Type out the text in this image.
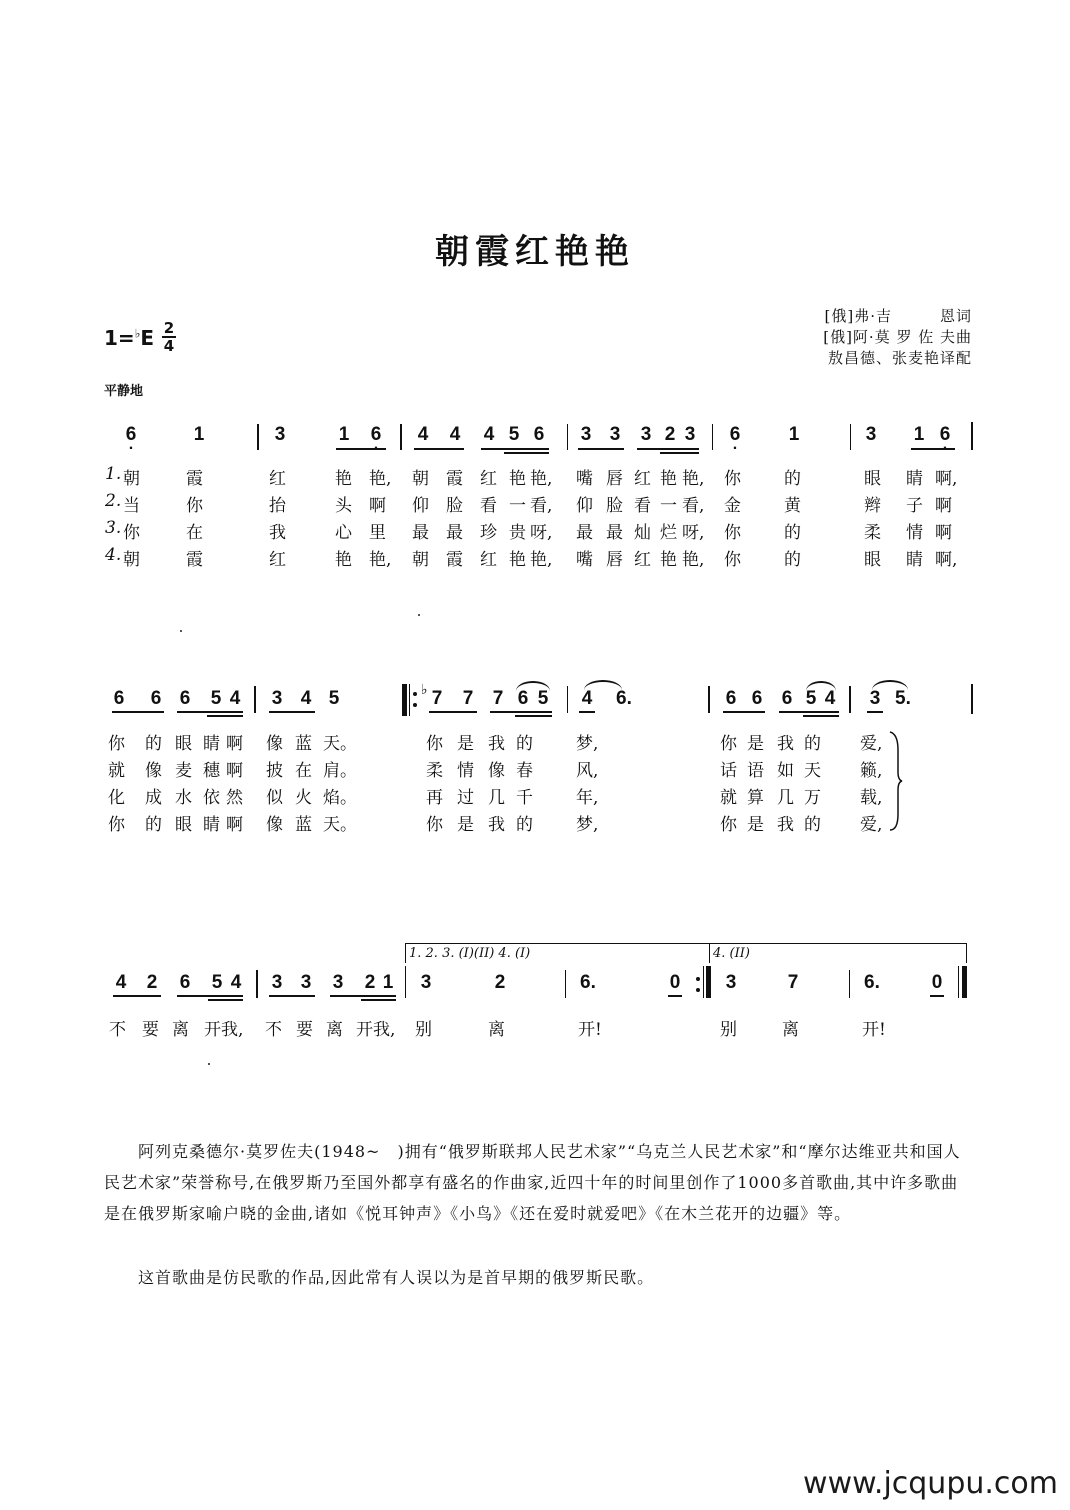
朝霞红艳艳
1=♭E 2
4
平静地
[俄]弗·吉　　　恩词
[俄]阿·莫 罗 佐 夫曲
敖昌德、张麦艳译配
6 .	1	3	1 6 . 4 4 4 5 6 3 3 3 2 3 6 .	1	3 1 6 .
1. 朝	霞	红	艳 艳, 朝 霞 红 艳 艳, 嘴 唇 红 艳 艳, 你	的	眼 睛 啊,
2. 当	你	抬	头 啊 仰 脸 看 一 看, 仰 脸 看 一 看, 金	黄	辫 子 啊
3. 你	在	我	心 里 最 最 珍 贵 呀, 最 最 灿 烂 呀, 你	的	柔 情 啊
4. 朝	霞	红	艳 艳, 朝 霞 红 艳 艳, 嘴 唇 红 艳 艳, 你	的	眼 睛 啊,
6 6 6 5 4 3 4 5	♭ 7 7 7 6 5 4 6.	6 6 6 5 4 3 5.
你 的 眼 睛 啊 像 蓝 天。	你 是 我 的	梦,	你 是 我 的 爱,
就 像 麦 穗 啊 披 在 肩。	柔 情 像 春	风,	话 语 如 天 籁,
化 成 水 依 然 似 火 焰。	再 过 几 千	年,	就 算 几 万 载,
你 的 眼 睛 啊 像 蓝 天。	你 是 我 的	梦,	你 是 我 的 爱,
1. 2. 3. (I)(II) 4. (I)	4. (II)
4 2 6 5 4 3 3 3 2 1 3	2	6.	0 3	7	6.	0
不 要 离 开我, 不 要 离 开我, 别	离	开!	别	离	开!
阿列克桑德尔·莫罗佐夫(1948~　)拥有“俄罗斯联邦人民艺术家”“乌克兰人民艺术家”和“摩尔达维亚共和国人民艺术家”荣誉称号,在俄罗斯乃至国外都享有盛名的作曲家,近四十年的时间里创作了1000多首歌曲,其中许多歌曲是在俄罗斯家喻户晓的金曲,诸如《悦耳钟声》《小鸟》《还在爱时就爱吧》《在木兰花开的边疆》等。
这首歌曲是仿民歌的作品,因此常有人误以为是首早期的俄罗斯民歌。
www.jcqupu.com
